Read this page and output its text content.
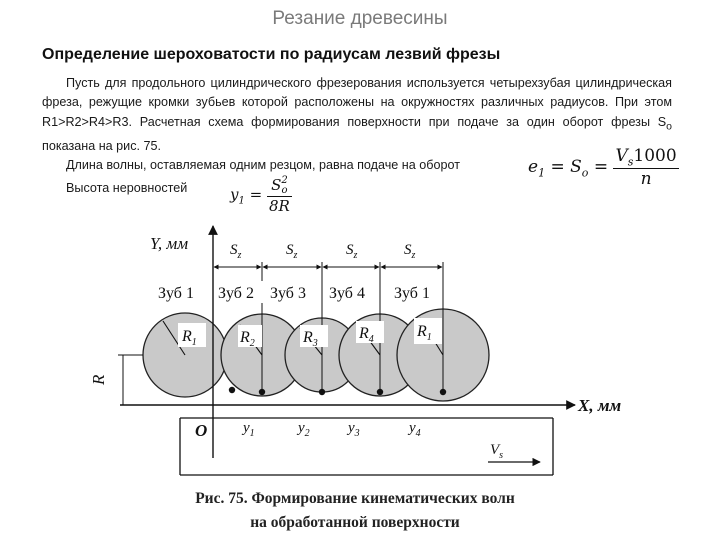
Резание древесины
Определение шероховатости по радиусам лезвий фрезы

Пусть для продольного цилиндрического фрезерования используется четырехзубая цилиндрическая фреза, режущие кромки зубьев которой расположены на окружностях различных радиусов. При этом R1>R2>R4>R3. Расчетная схема формирования поверхности при подаче за один оборот фрезы $S_о$ показана на рис. 75.

Длина волны, оставляемая одним резцом, равна подаче на оборот
Высота неровностей
$e_1 = S_o = \frac{V_s1000}{n}$
$y_1 = S$ 2
o
8R
Y, мм
X, мм
O
R
$S_z$	$S_z$	$S_z$	$S_z$
Зуб 1 Зуб 2 Зуб 3 Зуб 4 Зуб 1
$R_1$	$R_2$	$R_3$
$R_4$	$R_1$
$y_1$	$y_2$	$y_3$	$y_4$
$V_s$
Рис. 75. Формирование кинематических волн
на обработанной поверхности
